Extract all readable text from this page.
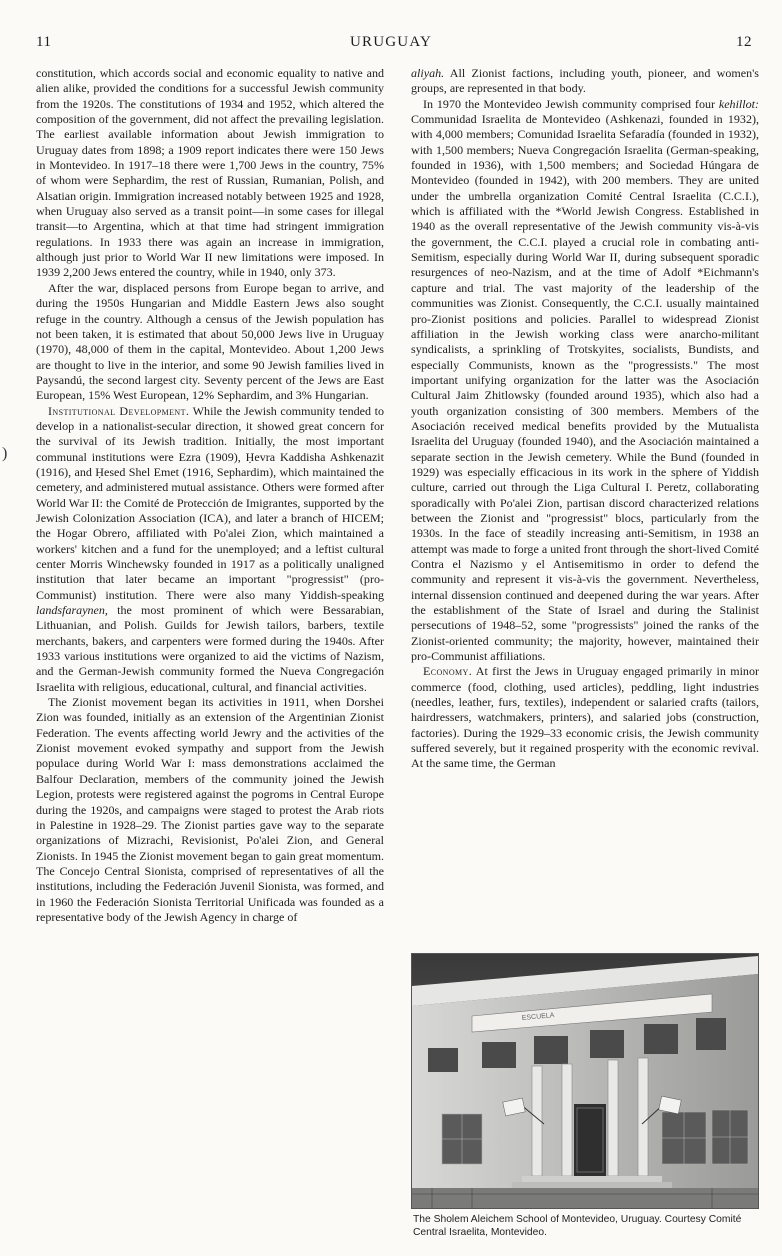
11	URUGUAY	12
)

constitution, which accords social and economic equality to native and alien alike, provided the conditions for a successful Jewish community from the 1920s. The constitutions of 1934 and 1952, which altered the composition of the government, did not affect the prevailing legislation. The earliest available information about Jewish immigration to Uruguay dates from 1898; a 1909 report indicates there were 150 Jews in Montevideo. In 1917–18 there were 1,700 Jews in the country, 75% of whom were Sephardim, the rest of Russian, Rumanian, Polish, and Alsatian origin. Immigration increased notably between 1925 and 1928, when Uruguay also served as a transit point—in some cases for illegal transit—to Argentina, which at that time had stringent immigration regulations. In 1933 there was again an increase in immigration, although just prior to World War II new limitations were imposed. In 1939 2,200 Jews entered the country, while in 1940, only 373.

After the war, displaced persons from Europe began to arrive, and during the 1950s Hungarian and Middle Eastern Jews also sought refuge in the country. Although a census of the Jewish population has not been taken, it is estimated that about 50,000 Jews live in Uruguay (1970), 48,000 of them in the capital, Montevideo. About 1,200 Jews are thought to live in the interior, and some 90 Jewish families lived in Paysandú, the second largest city. Seventy percent of the Jews are East European, 15% West European, 12% Sephardim, and 3% Hungarian.

Institutional Development. While the Jewish community tended to develop in a nationalist-secular direction, it showed great concern for the survival of its Jewish tradition. Initially, the most important communal institutions were Ezra (1909), Ḥevra Kaddisha Ashkenazit (1916), and Ḥesed Shel Emet (1916, Sephardim), which maintained the cemetery, and administered mutual assistance. Others were formed after World War II: the Comité de Protección de Imigrantes, supported by the Jewish Colonization Association (ICA), and later a branch of HICEM; the Hogar Obrero, affiliated with Po'alei Zion, which maintained a workers' kitchen and a fund for the unemployed; and a leftist cultural center Morris Winchewsky founded in 1917 as a politically unaligned institution that later became an important "progressist" (pro-Communist) institution. There were also many Yiddish-speaking landsfaraynen, the most prominent of which were Bessarabian, Lithuanian, and Polish. Guilds for Jewish tailors, barbers, textile merchants, bakers, and carpenters were formed during the 1940s. After 1933 various institutions were organized to aid the victims of Nazism, and the German-Jewish community formed the Nueva Congregación Israelita with religious, educational, cultural, and financial activities.

The Zionist movement began its activities in 1911, when Dorshei Zion was founded, initially as an extension of the Argentinian Zionist Federation. The events affecting world Jewry and the activities of the Zionist movement evoked sympathy and support from the Jewish populace during World War I: mass demonstrations acclaimed the Balfour Declaration, members of the community joined the Jewish Legion, protests were registered against the pogroms in Central Europe during the 1920s, and campaigns were staged to protest the Arab riots in Palestine in 1928–29. The Zionist parties gave way to the separate organizations of Mizrachi, Revisionist, Po'alei Zion, and General Zionists. In 1945 the Zionist movement began to gain great momentum. The Concejo Central Sionista, comprised of representatives of all the institutions, including the Federación Juvenil Sionista, was formed, and in 1960 the Federación Sionista Territorial Unificada was founded as a representative body of the Jewish Agency in charge of

aliyah. All Zionist factions, including youth, pioneer, and women's groups, are represented in that body.

In 1970 the Montevideo Jewish community comprised four kehillot: Communidad Israelita de Montevideo (Ashkenazi, founded in 1932), with 4,000 members; Comunidad Israelita Sefaradía (founded in 1932), with 1,500 members; Nueva Congregación Israelita (German-speaking, founded in 1936), with 1,500 members; and Sociedad Húngara de Montevideo (founded in 1942), with 200 members. They are united under the umbrella organization Comité Central Israelita (C.C.I.), which is affiliated with the *World Jewish Congress. Established in 1940 as the overall representative of the Jewish community vis-à-vis the government, the C.C.I. played a crucial role in combating anti-Semitism, especially during World War II, during subsequent sporadic resurgences of neo-Nazism, and at the time of Adolf *Eichmann's capture and trial. The vast majority of the leadership of the communities was Zionist. Consequently, the C.C.I. usually maintained pro-Zionist positions and policies. Parallel to widespread Zionist affiliation in the Jewish working class were anarcho-militant syndicalists, a sprinkling of Trotskyites, socialists, Bundists, and especially Communists, known as the "progressists." The most important unifying organization for the latter was the Asociación Cultural Jaim Zhitlowsky (founded around 1935), which also had a youth organization consisting of 300 members. Members of the Asociación received medical benefits provided by the Mutualista Israelita del Uruguay (founded 1940), and the Asociación maintained a separate section in the Jewish cemetery. While the Bund (founded in 1929) was especially efficacious in its work in the sphere of Yiddish culture, carried out through the Liga Cultural I. Peretz, collaborating sporadically with Po'alei Zion, partisan discord characterized relations between the Zionist and "progressist" blocs, particularly from the 1930s. In the face of steadily increasing anti-Semitism, in 1938 an attempt was made to forge a united front through the short-lived Comité Contra el Nazismo y el Antisemitismo in order to defend the community and represent it vis-à-vis the government. Nevertheless, internal dissension continued and deepened during the war years. After the establishment of the State of Israel and during the Stalinist persecutions of 1948–52, some "progressists" joined the ranks of the Zionist-oriented community; the majority, however, maintained their pro-Communist affiliations.

Economy. At first the Jews in Uruguay engaged primarily in minor commerce (food, clothing, used articles), peddling, light industries (needles, leather, furs, textiles), independent or salaried crafts (tailors, hairdressers, watchmakers, printers), and salaried jobs (construction, factories). During the 1929–33 economic crisis, the Jewish community suffered severely, but it regained prosperity with the economic revival. At the same time, the German

ESCUELA
The Sholem Aleichem School of Montevideo, Uruguay. Courtesy Comité Central Israelita, Montevideo.
